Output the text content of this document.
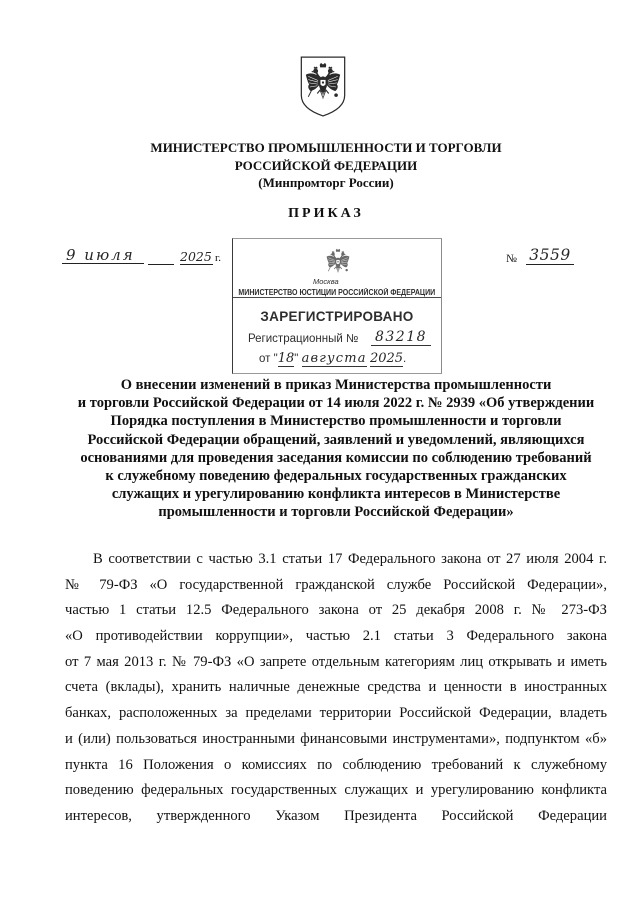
МИНИСТЕРСТВО ПРОМЫШЛЕННОСТИ И ТОРГОВЛИ
РОССИЙСКОЙ ФЕДЕРАЦИИ
(Минпромторг России)
ПРИКАЗ
9 июля	2025 г.	№ 3559
Москва
МИНИСТЕРСТВО ЮСТИЦИИ РОССИЙСКОЙ ФЕДЕРАЦИИ
ЗАРЕГИСТРИРОВАНО
Регистрационный № 83218
от "18" августа 2025.
О внесении изменений в приказ Министерства промышленности
и торговли Российской Федерации от 14 июля 2022 г. № 2939 «Об утверждении
Порядка поступления в Министерство промышленности и торговли
Российской Федерации обращений, заявлений и уведомлений, являющихся
основаниями для проведения заседания комиссии по соблюдению требований
к служебному поведению федеральных государственных гражданских
служащих и урегулированию конфликта интересов в Министерстве
промышленности и торговли Российской Федерации»
В соответствии с частью 3.1 статьи 17 Федерального закона от 27 июля 2004 г.
№ 79-ФЗ «О государственной гражданской службе Российской Федерации»,
частью 1 статьи 12.5 Федерального закона от 25 декабря 2008 г. № 273-ФЗ
«О противодействии коррупции», частью 2.1 статьи 3 Федерального закона
от 7 мая 2013 г. № 79-ФЗ «О запрете отдельным категориям лиц открывать и иметь
счета (вклады), хранить наличные денежные средства и ценности в иностранных
банках, расположенных за пределами территории Российской Федерации, владеть
и (или) пользоваться иностранными финансовыми инструментами», подпунктом «б»
пункта 16 Положения о комиссиях по соблюдению требований к служебному
поведению федеральных государственных служащих и урегулированию конфликта
интересов, утвержденного Указом Президента Российской Федерации
